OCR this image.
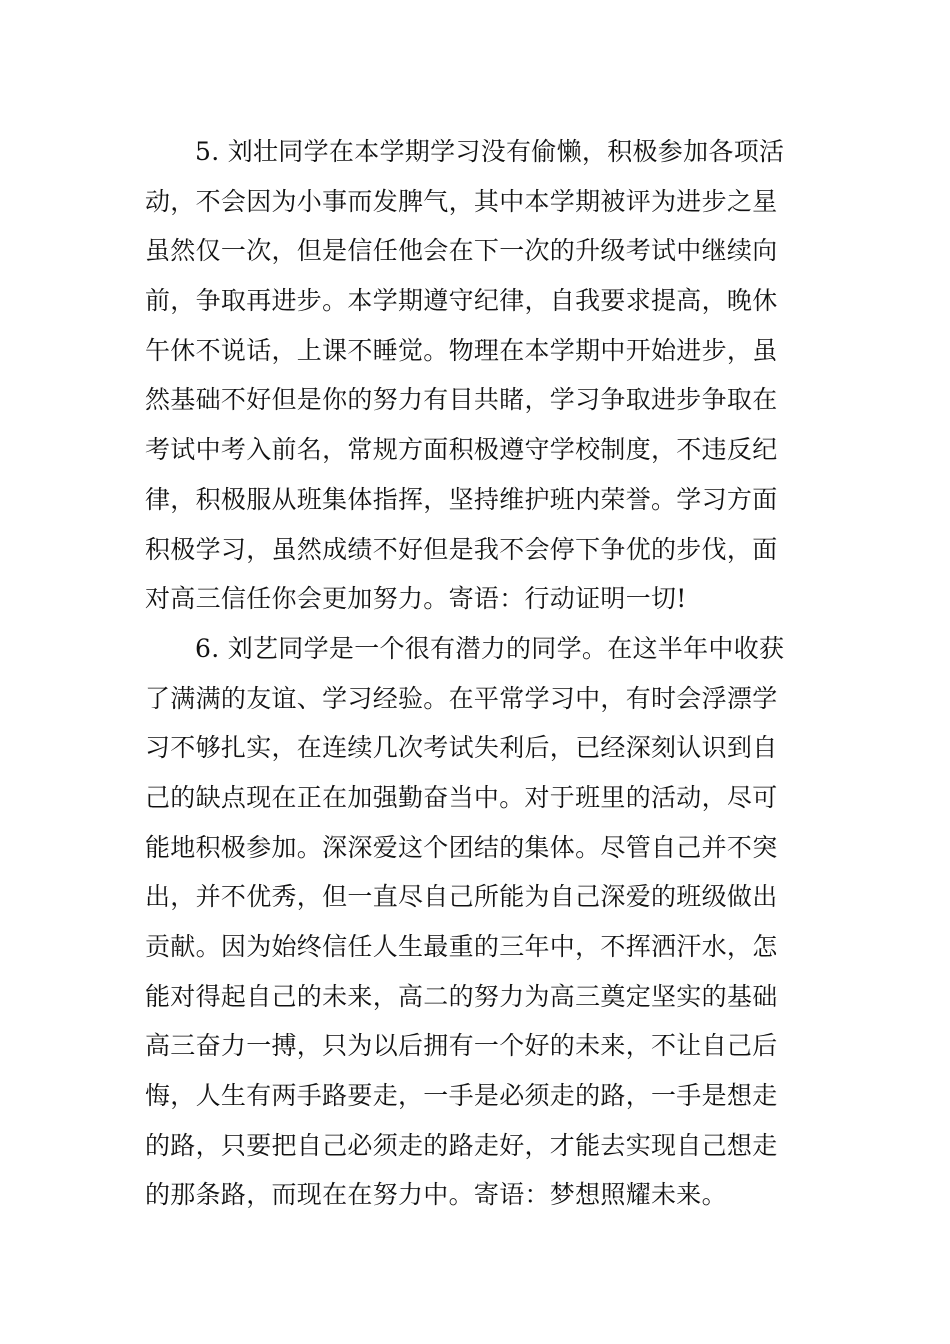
5. 刘壮同学在本学期学习没有偷懒，积极参加各项活
动，不会因为小事而发脾气，其中本学期被评为进步之星
虽然仅一次，但是信任他会在下一次的升级考试中继续向
前，争取再进步。本学期遵守纪律，自我要求提高，晚休
午休不说话，上课不睡觉。物理在本学期中开始进步，虽
然基础不好但是你的努力有目共睹，学习争取进步争取在
考试中考入前名，常规方面积极遵守学校制度，不违反纪
律，积极服从班集体指挥，坚持维护班内荣誉。学习方面
积极学习，虽然成绩不好但是我不会停下争优的步伐，面
对高三信任你会更加努力。寄语：行动证明一切!
6. 刘艺同学是一个很有潜力的同学。在这半年中收获
了满满的友谊、学习经验。在平常学习中，有时会浮漂学
习不够扎实，在连续几次考试失利后，已经深刻认识到自
己的缺点现在正在加强勤奋当中。对于班里的活动，尽可
能地积极参加。深深爱这个团结的集体。尽管自己并不突
出，并不优秀，但一直尽自己所能为自己深爱的班级做出
贡献。因为始终信任人生最重的三年中，不挥洒汗水，怎
能对得起自己的未来，高二的努力为高三奠定坚实的基础
高三奋力一搏，只为以后拥有一个好的未来，不让自己后
悔，人生有两手路要走，一手是必须走的路，一手是想走
的路，只要把自己必须走的路走好，才能去实现自己想走
的那条路，而现在在努力中。寄语：梦想照耀未来。
